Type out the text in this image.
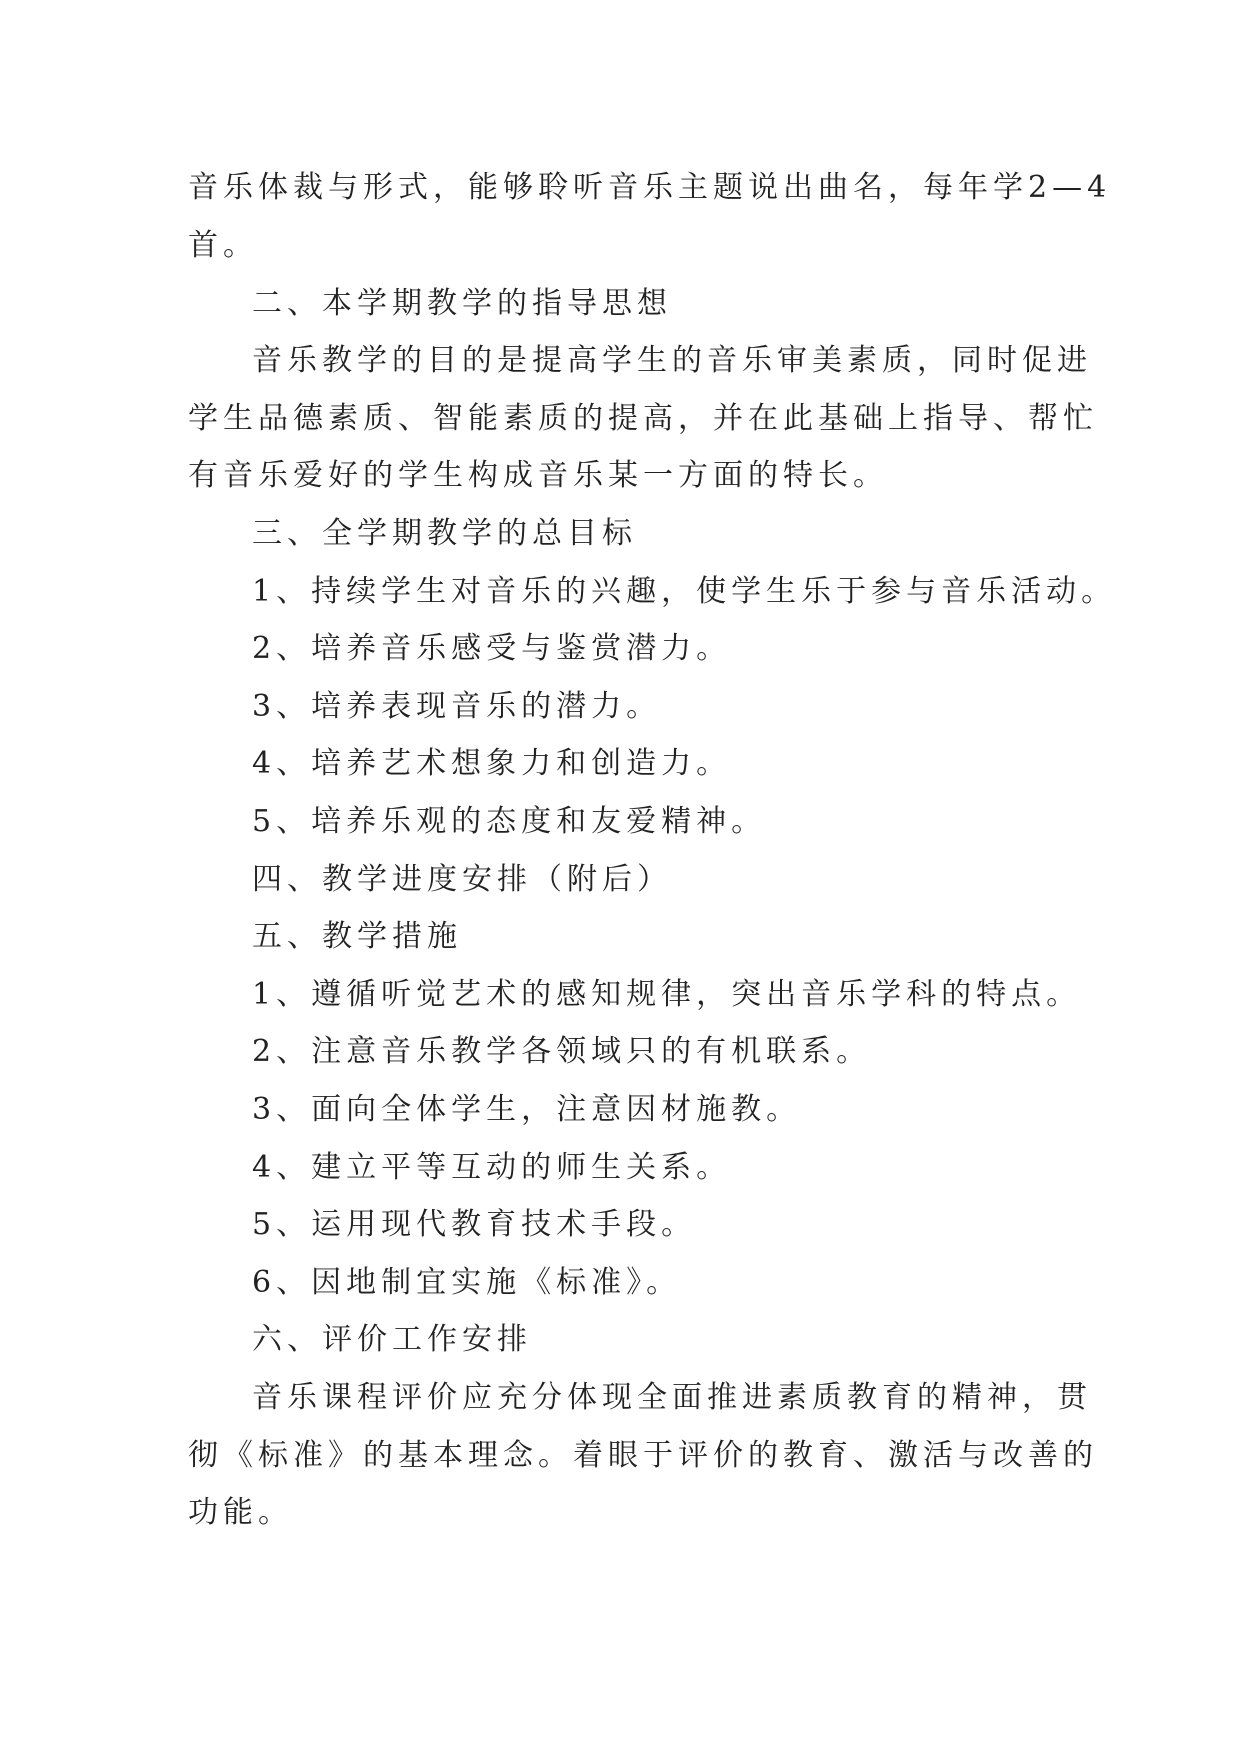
音乐体裁与形式，能够聆听音乐主题说出曲名，每年学2—4
首。
二、本学期教学的指导思想
音乐教学的目的是提高学生的音乐审美素质，同时促进
学生品德素质、智能素质的提高，并在此基础上指导、帮忙
有音乐爱好的学生构成音乐某一方面的特长。
三、全学期教学的总目标
1、持续学生对音乐的兴趣，使学生乐于参与音乐活动。
2、培养音乐感受与鉴赏潜力。
3、培养表现音乐的潜力。
4、培养艺术想象力和创造力。
5、培养乐观的态度和友爱精神。
四、教学进度安排（附后）
五、教学措施
1、遵循听觉艺术的感知规律，突出音乐学科的特点。
2、注意音乐教学各领域只的有机联系。
3、面向全体学生，注意因材施教。
4、建立平等互动的师生关系。
5、运用现代教育技术手段。
6、因地制宜实施《标准》。
六、评价工作安排
音乐课程评价应充分体现全面推进素质教育的精神，贯
彻《标准》的基本理念。着眼于评价的教育、激活与改善的
功能。
